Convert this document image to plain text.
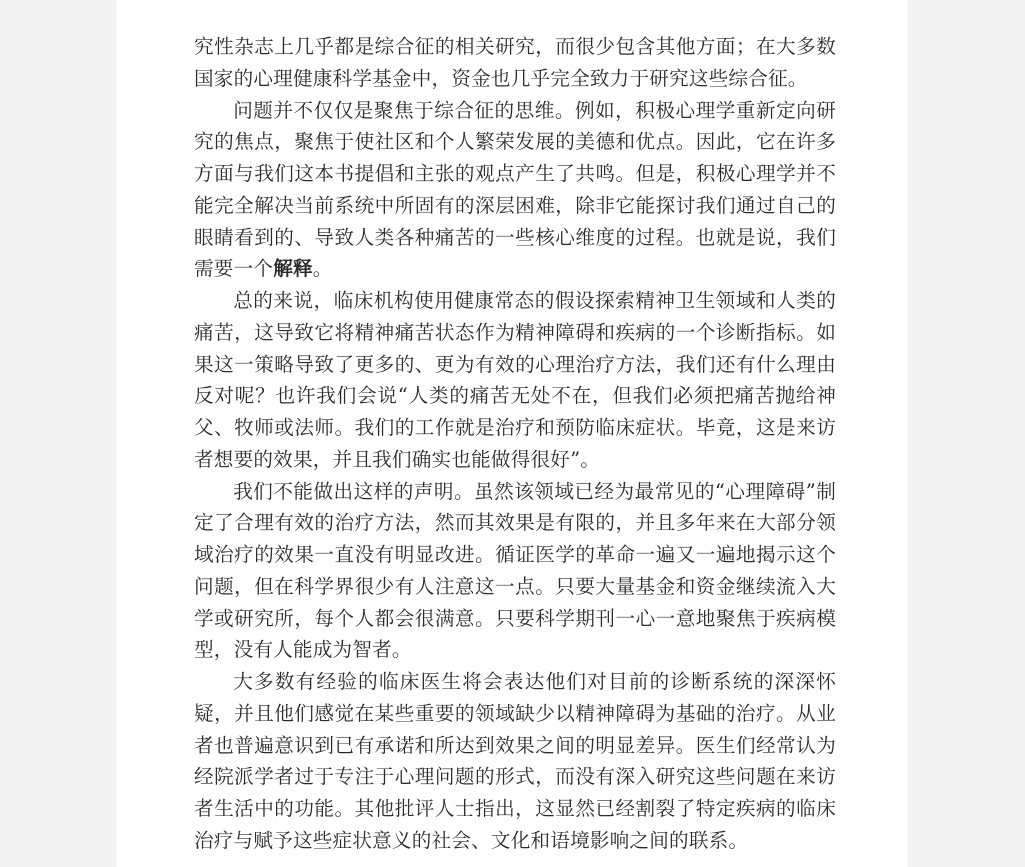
究性杂志上几乎都是综合征的相关研究，而很少包含其他方面；在大多数国家的心理健康科学基金中，资金也几乎完全致力于研究这些综合征。

问题并不仅仅是聚焦于综合征的思维。例如，积极心理学重新定向研究的焦点，聚焦于使社区和个人繁荣发展的美德和优点。因此，它在许多方面与我们这本书提倡和主张的观点产生了共鸣。但是，积极心理学并不能完全解决当前系统中所固有的深层困难，除非它能探讨我们通过自己的眼睛看到的、导致人类各种痛苦的一些核心维度的过程。也就是说，我们需要一个解释。

总的来说，临床机构使用健康常态的假设探索精神卫生领域和人类的痛苦，这导致它将精神痛苦状态作为精神障碍和疾病的一个诊断指标。如果这一策略导致了更多的、更为有效的心理治疗方法，我们还有什么理由反对呢？也许我们会说“人类的痛苦无处不在，但我们必须把痛苦抛给神父、牧师或法师。我们的工作就是治疗和预防临床症状。毕竟，这是来访者想要的效果，并且我们确实也能做得很好”。

我们不能做出这样的声明。虽然该领域已经为最常见的“心理障碍”制定了合理有效的治疗方法，然而其效果是有限的，并且多年来在大部分领域治疗的效果一直没有明显改进。循证医学的革命一遍又一遍地揭示这个问题，但在科学界很少有人注意这一点。只要大量基金和资金继续流入大学或研究所，每个人都会很满意。只要科学期刊一心一意地聚焦于疾病模型，没有人能成为智者。

大多数有经验的临床医生将会表达他们对目前的诊断系统的深深怀疑，并且他们感觉在某些重要的领域缺少以精神障碍为基础的治疗。从业者也普遍意识到已有承诺和所达到效果之间的明显差异。医生们经常认为经院派学者过于专注于心理问题的形式，而没有深入研究这些问题在来访者生活中的功能。其他批评人士指出，这显然已经割裂了特定疾病的临床治疗与赋予这些症状意义的社会、文化和语境影响之间的联系。
